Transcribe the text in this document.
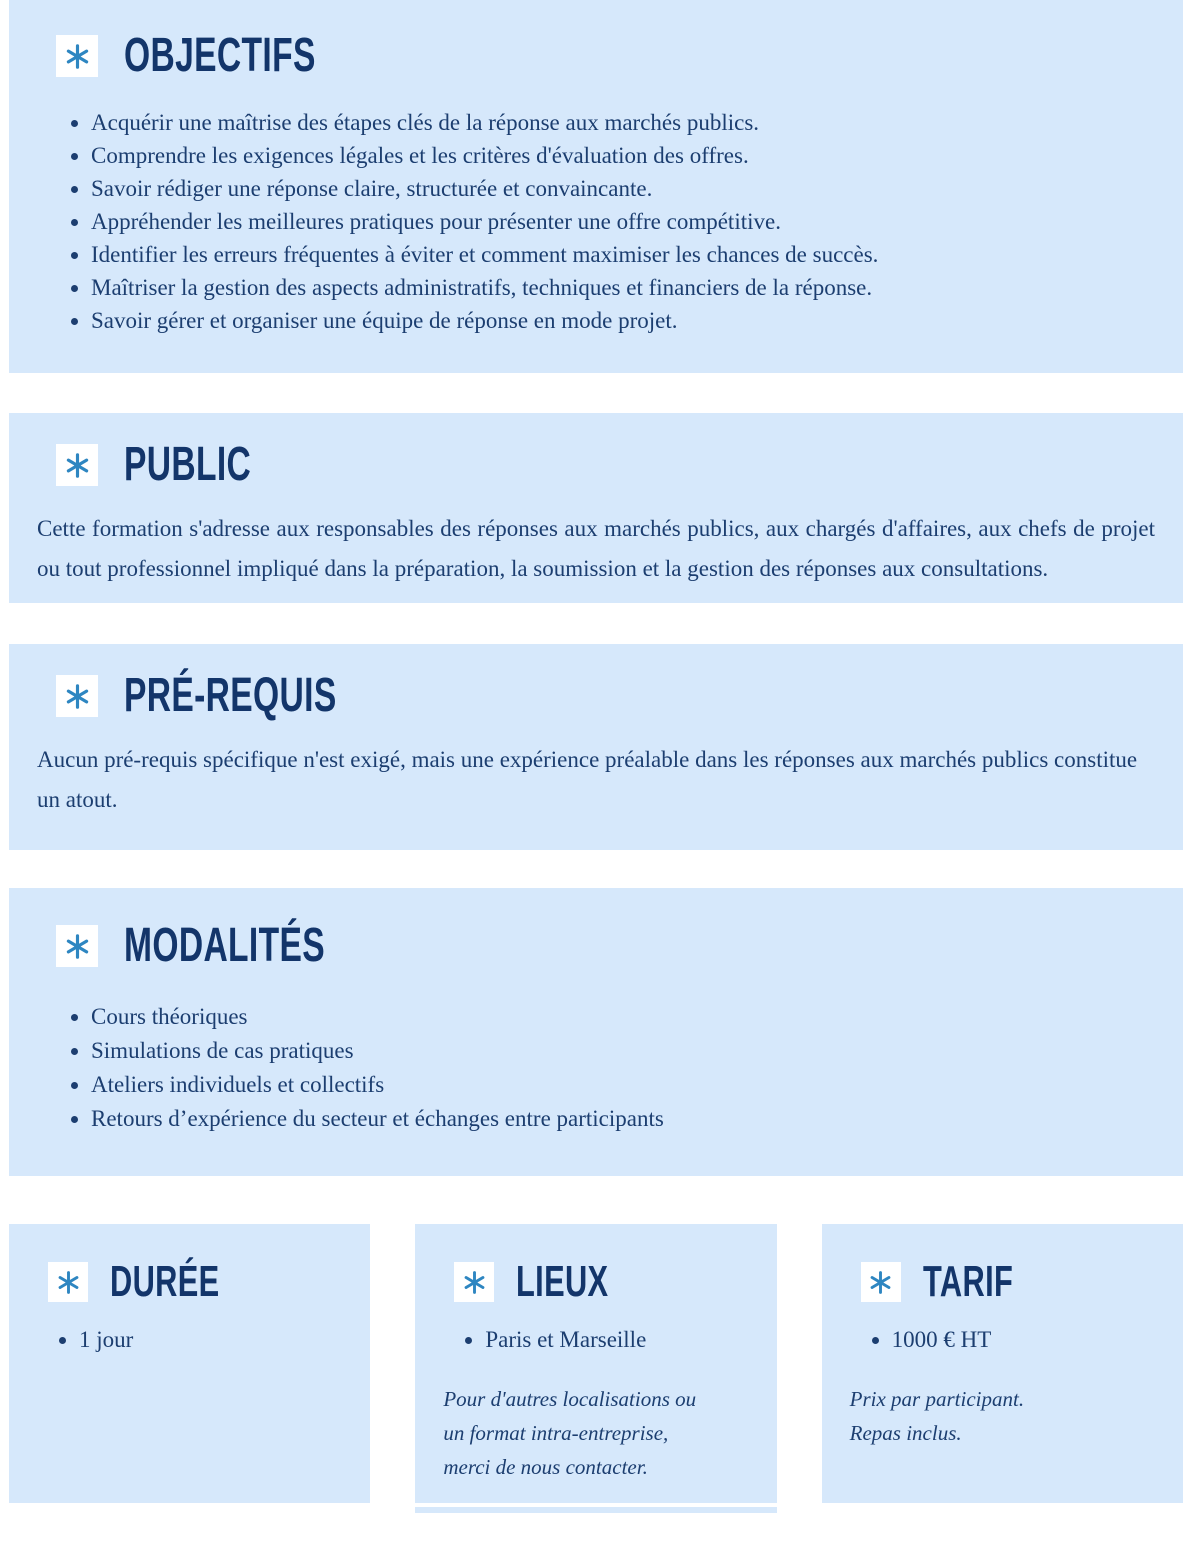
OBJECTIFS
• Acquérir une maîtrise des étapes clés de la réponse aux marchés publics.
• Comprendre les exigences légales et les critères d'évaluation des offres.
• Savoir rédiger une réponse claire, structurée et convaincante.
• Appréhender les meilleures pratiques pour présenter une offre compétitive.
• Identifier les erreurs fréquentes à éviter et comment maximiser les chances de succès.
• Maîtriser la gestion des aspects administratifs, techniques et financiers de la réponse.
• Savoir gérer et organiser une équipe de réponse en mode projet.
PUBLIC

Cette formation s'adresse aux responsables des réponses aux marchés publics, aux chargés d'affaires, aux chefs de projet ou tout professionnel impliqué dans la préparation, la soumission et la gestion des réponses aux consultations.

PRÉ-REQUIS

Aucun pré-requis spécifique n'est exigé, mais une expérience préalable dans les réponses aux marchés publics constitue un atout.

MODALITÉS
• Cours théoriques
• Simulations de cas pratiques
• Ateliers individuels et collectifs
• Retours d’expérience du secteur et échanges entre participants
DURÉE
• 1 jour
LIEUX
• Paris et Marseille
Pour d'autres localisations ou
un format intra-entreprise,
merci de nous contacter.
TARIF
• 1000 € HT
Prix par participant.
Repas inclus.
